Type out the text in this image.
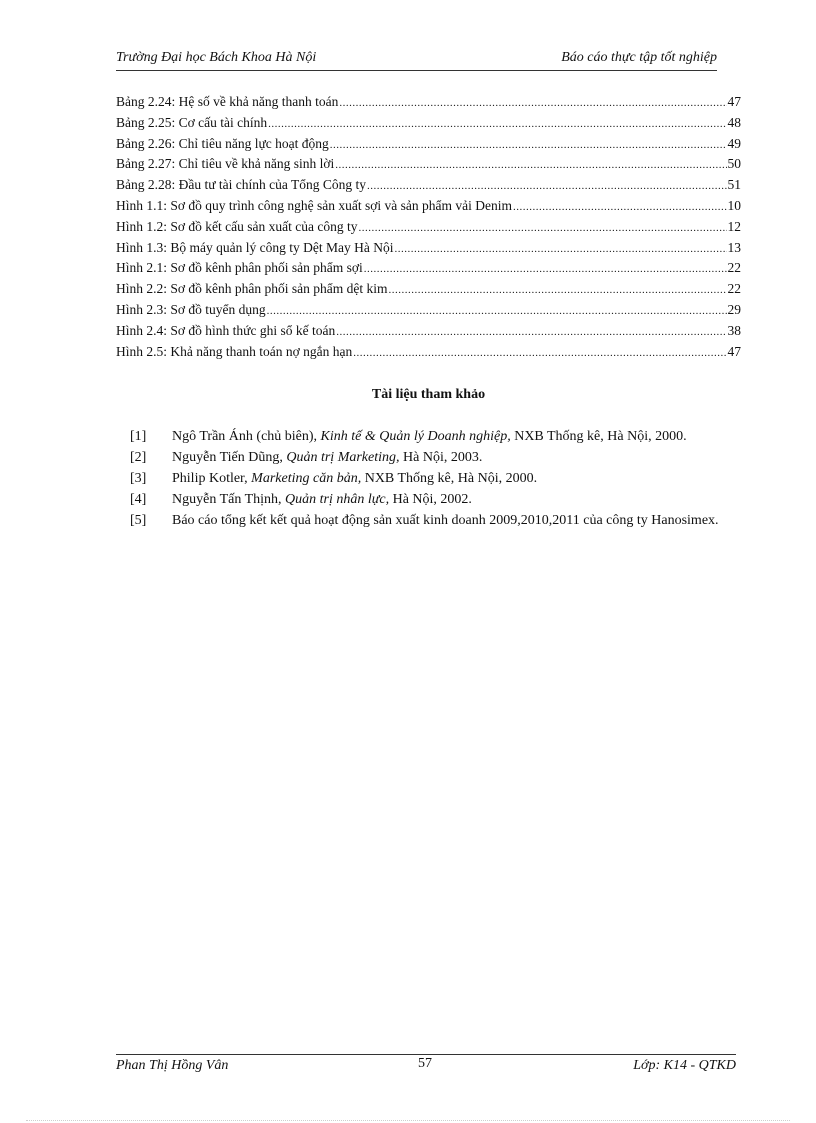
Trường Đại học Bách Khoa Hà Nội	Báo cáo thực tập tốt nghiệp
Bảng 2.24: Hệ số về khả năng thanh toán .....	47
Bảng 2.25: Cơ cấu tài chính .....	48
Bảng 2.26: Chỉ tiêu năng lực hoạt động .....	49
Bảng 2.27: Chỉ tiêu về khả năng sinh lời .....	50
Bảng 2.28: Đầu tư tài chính của Tổng Công ty .....	51
Hình 1.1: Sơ đồ quy trình công nghệ sản xuất sợi và sản phẩm vải Denim .....	10
Hình 1.2: Sơ đồ kết cấu sản xuất của công ty .....	12
Hình 1.3: Bộ máy quản lý công ty Dệt May Hà Nội .....	13
Hình 2.1: Sơ đồ kênh phân phối sản phẩm sợi .....	22
Hình 2.2: Sơ đồ kênh phân phối sản phẩm dệt kim .....	22
Hình 2.3: Sơ đồ tuyển dụng .....	29
Hình 2.4: Sơ đồ hình thức ghi sổ kế toán .....	38
Hình 2.5: Khả năng thanh toán nợ ngắn hạn .....	47
Tài liệu tham khảo
[1]	Ngô Trần Ánh (chủ biên), Kinh tế & Quản lý Doanh nghiệp, NXB Thống kê, Hà Nội, 2000.
[2]	Nguyễn Tiến Dũng, Quản trị Marketing, Hà Nội, 2003.
[3]	Philip Kotler, Marketing căn bản, NXB Thống kê, Hà Nội, 2000.
[4]	Nguyễn Tấn Thịnh, Quản trị nhân lực, Hà Nội, 2002.
[5]	Báo cáo tổng kết kết quả hoạt động sản xuất kinh doanh 2009,2010,2011 của công ty Hanosimex.
Phan Thị Hồng Vân	57	Lớp: K14 - QTKD
